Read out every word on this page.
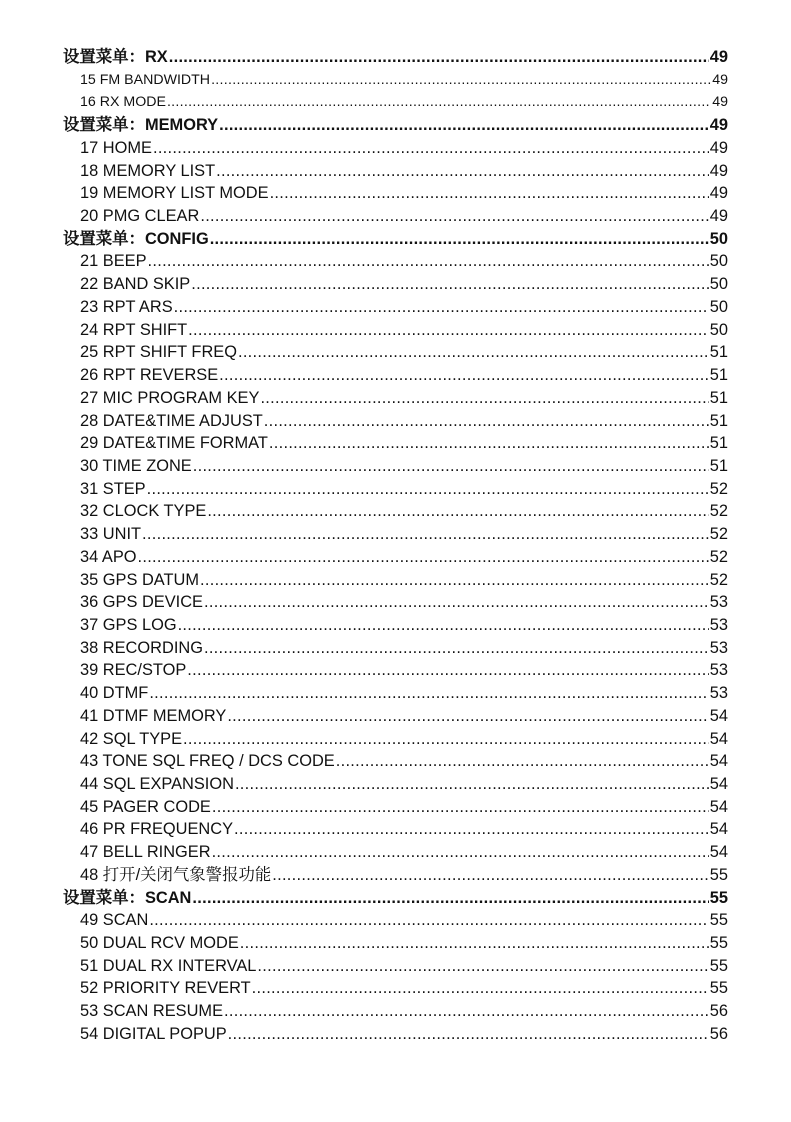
设置菜单：RX .....	49
15 FM BANDWIDTH .....	49
16 RX MODE .....	49
设置菜单：MEMORY .....	49
17 HOME .....	49
18 MEMORY LIST .....	49
19 MEMORY LIST MODE .....	49
20 PMG CLEAR .....	49
设置菜单：CONFIG .....	50
21 BEEP .....	50
22 BAND SKIP .....	50
23 RPT ARS .....	50
24 RPT SHIFT .....	50
25 RPT SHIFT FREQ .....	51
26 RPT REVERSE .....	51
27 MIC PROGRAM KEY .....	51
28 DATE&TIME ADJUST .....	51
29 DATE&TIME FORMAT .....	51
30 TIME ZONE .....	51
31 STEP .....	52
32 CLOCK TYPE .....	52
33 UNIT .....	52
34 APO .....	52
35 GPS DATUM .....	52
36 GPS DEVICE .....	53
37 GPS LOG .....	53
38 RECORDING .....	53
39 REC/STOP .....	53
40 DTMF .....	53
41 DTMF MEMORY .....	54
42 SQL TYPE .....	54
43 TONE SQL FREQ / DCS CODE .....	54
44 SQL EXPANSION .....	54
45 PAGER CODE .....	54
46 PR FREQUENCY .....	54
47 BELL RINGER .....	54
48 打开/关闭气象警报功能 .....	55
设置菜单：SCAN .....	55
49 SCAN .....	55
50 DUAL RCV MODE .....	55
51 DUAL RX INTERVAL .....	55
52 PRIORITY REVERT .....	55
53 SCAN RESUME .....	56
54 DIGITAL POPUP .....	56
